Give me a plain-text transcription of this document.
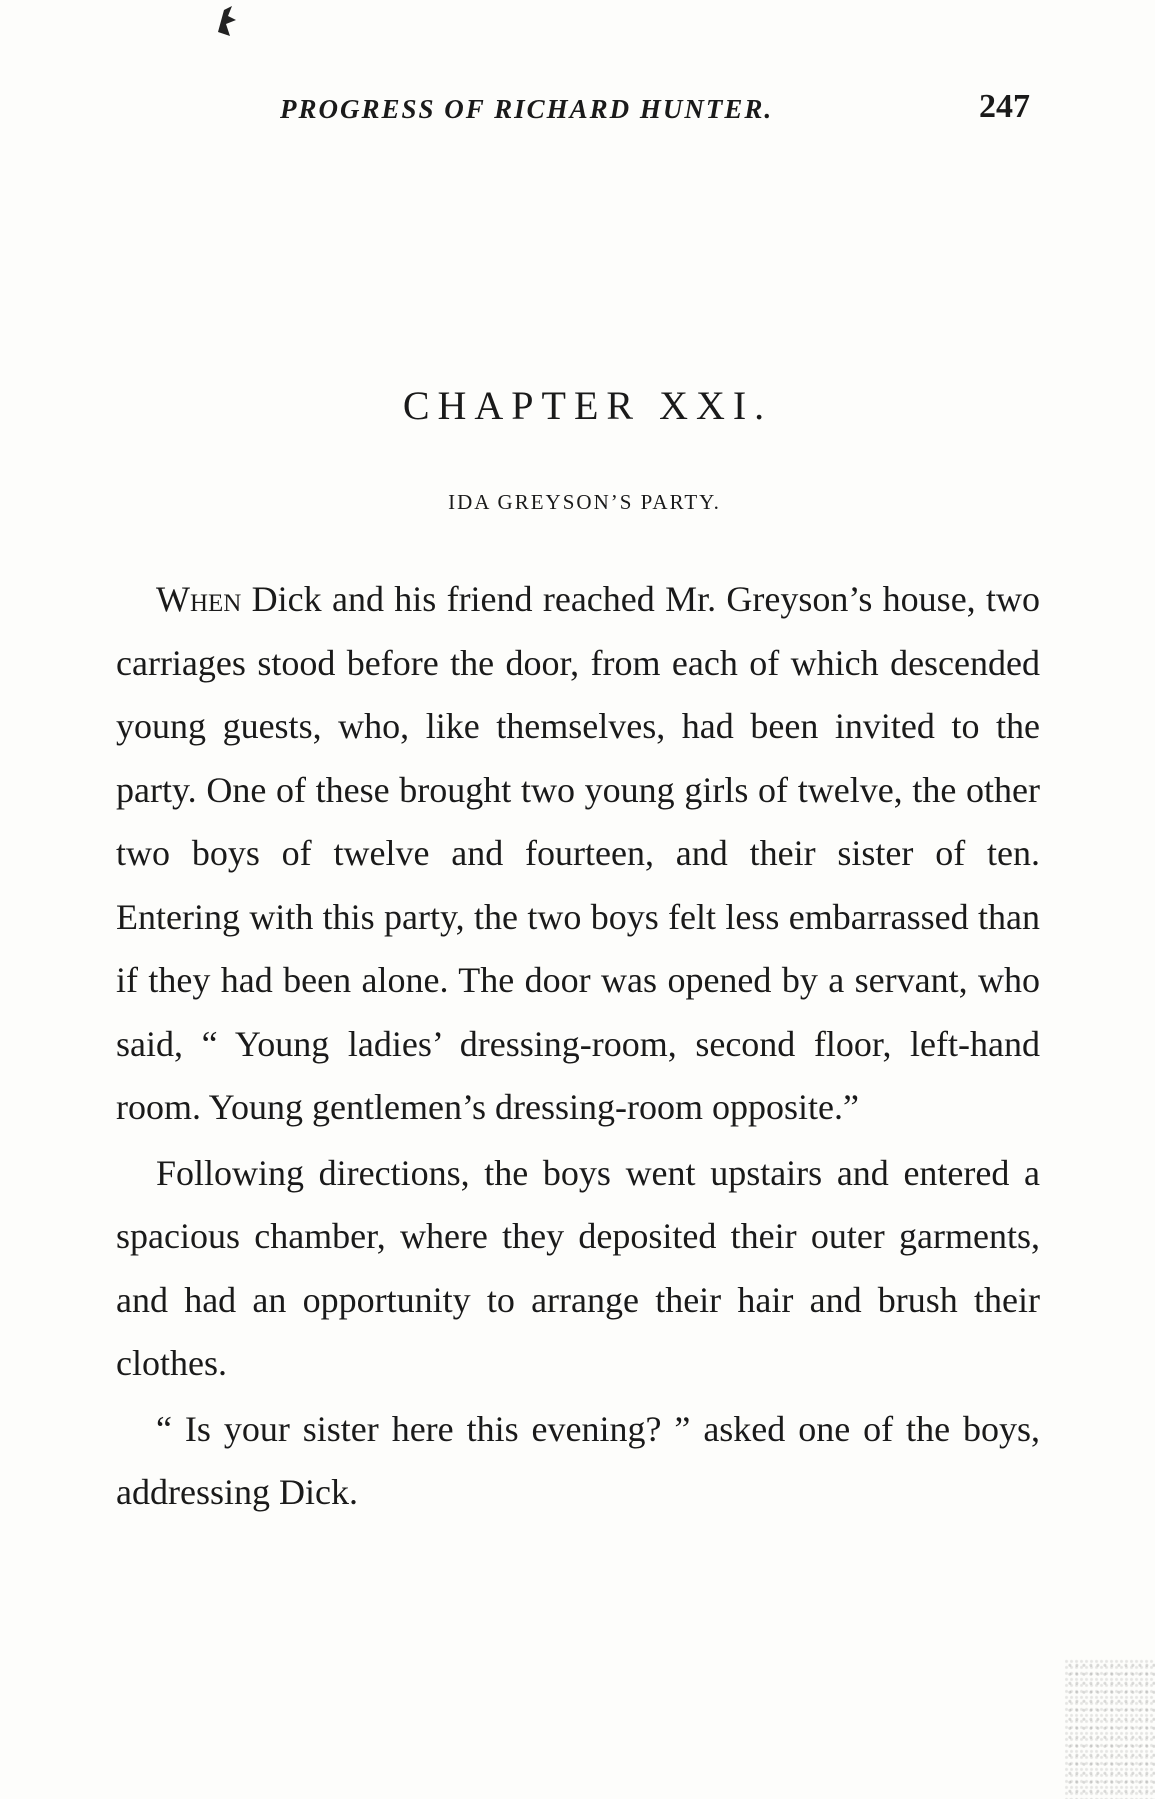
PROGRESS OF RICHARD HUNTER.	247
CHAPTER XXI.
IDA GREYSON’S PARTY.

When Dick and his friend reached Mr. Greyson’s house, two carriages stood before the door, from each of which descended young guests, who, like themselves, had been invited to the party. One of these brought two young girls of twelve, the other two boys of twelve and fourteen, and their sister of ten. Entering with this party, the two boys felt less embarrassed than if they had been alone. The door was opened by a servant, who said, “ Young ladies’ dressing-room, second floor, left-hand room. Young gentlemen’s dressing-room opposite.”

Following directions, the boys went upstairs and entered a spacious chamber, where they deposited their outer garments, and had an opportunity to arrange their hair and brush their clothes.

“ Is your sister here this evening? ” asked one of the boys, addressing Dick.
